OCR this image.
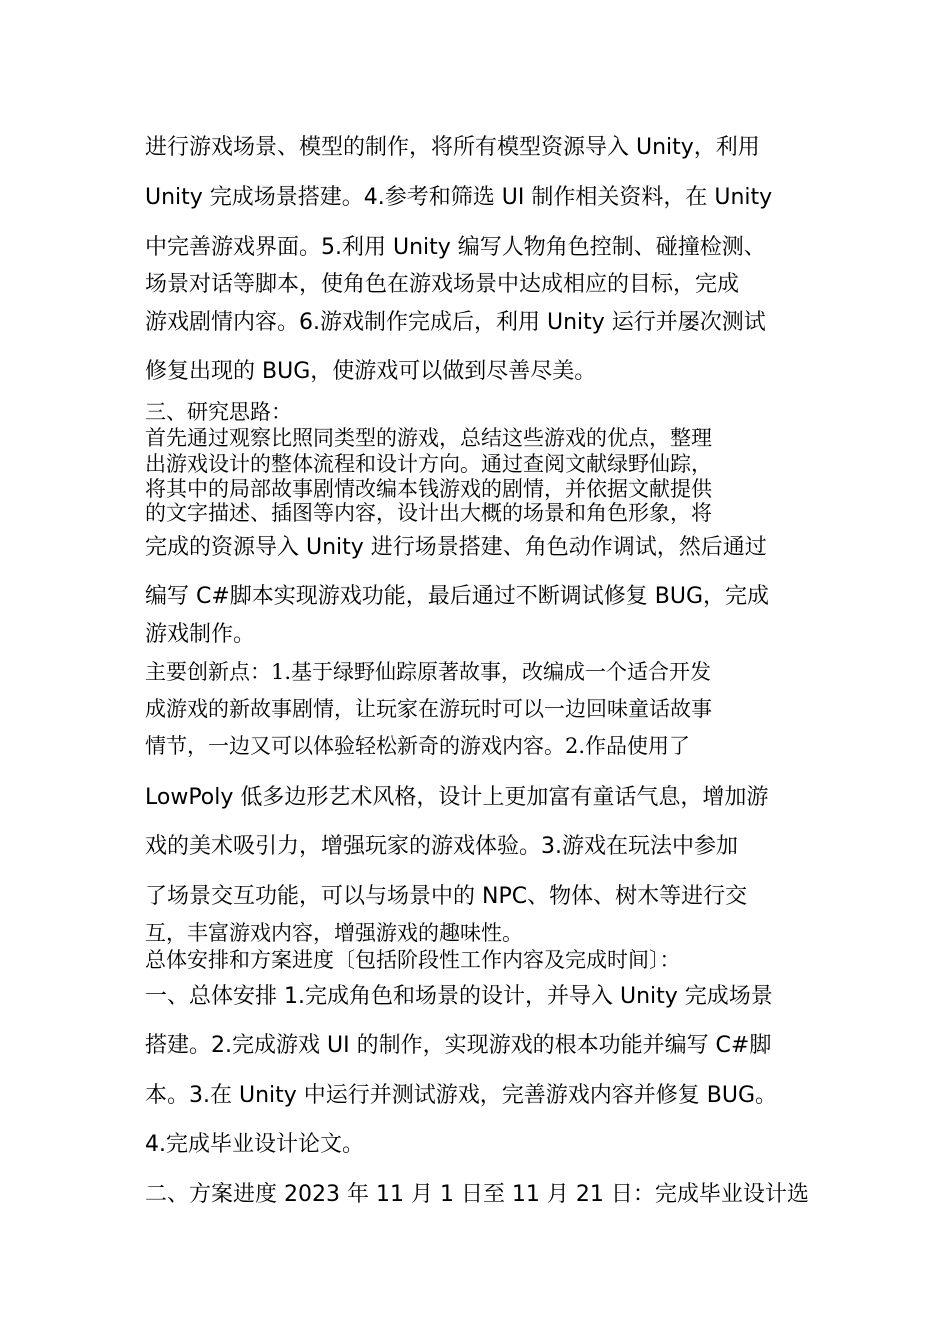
进行游戏场景、模型的制作，将所有模型资源导入 Unity，利用
Unity 完成场景搭建。4.参考和筛选 UI 制作相关资料，在 Unity
中完善游戏界面。5.利用 Unity 编写人物角色控制、碰撞检测、
场景对话等脚本，使角色在游戏场景中达成相应的目标，完成
游戏剧情内容。6.游戏制作完成后，利用 Unity 运行并屡次测试
修复出现的 BUG，使游戏可以做到尽善尽美。
三、研究思路：
首先通过观察比照同类型的游戏，总结这些游戏的优点，整理
出游戏设计的整体流程和设计方向。通过查阅文献绿野仙踪，
将其中的局部故事剧情改编本钱游戏的剧情，并依据文献提供
的文字描述、插图等内容，设计出大概的场景和角色形象，将
完成的资源导入 Unity 进行场景搭建、角色动作调试，然后通过
编写 C#脚本实现游戏功能，最后通过不断调试修复 BUG，完成
游戏制作。
主要创新点：1.基于绿野仙踪原著故事，改编成一个适合开发
成游戏的新故事剧情，让玩家在游玩时可以一边回味童话故事
情节，一边又可以体验轻松新奇的游戏内容。2.作品使用了
LowPoly 低多边形艺术风格，设计上更加富有童话气息，增加游
戏的美术吸引力，增强玩家的游戏体验。3.游戏在玩法中参加
了场景交互功能，可以与场景中的 NPC、物体、树木等进行交
互，丰富游戏内容，增强游戏的趣味性。
总体安排和方案进度〔包括阶段性工作内容及完成时间〕：
一、总体安排 1.完成角色和场景的设计，并导入 Unity 完成场景
搭建。2.完成游戏 UI 的制作，实现游戏的根本功能并编写 C#脚
本。3.在 Unity 中运行并测试游戏，完善游戏内容并修复 BUG。
4.完成毕业设计论文。
二、方案进度 2023 年 11 月 1 日至 11 月 21 日：完成毕业设计选
